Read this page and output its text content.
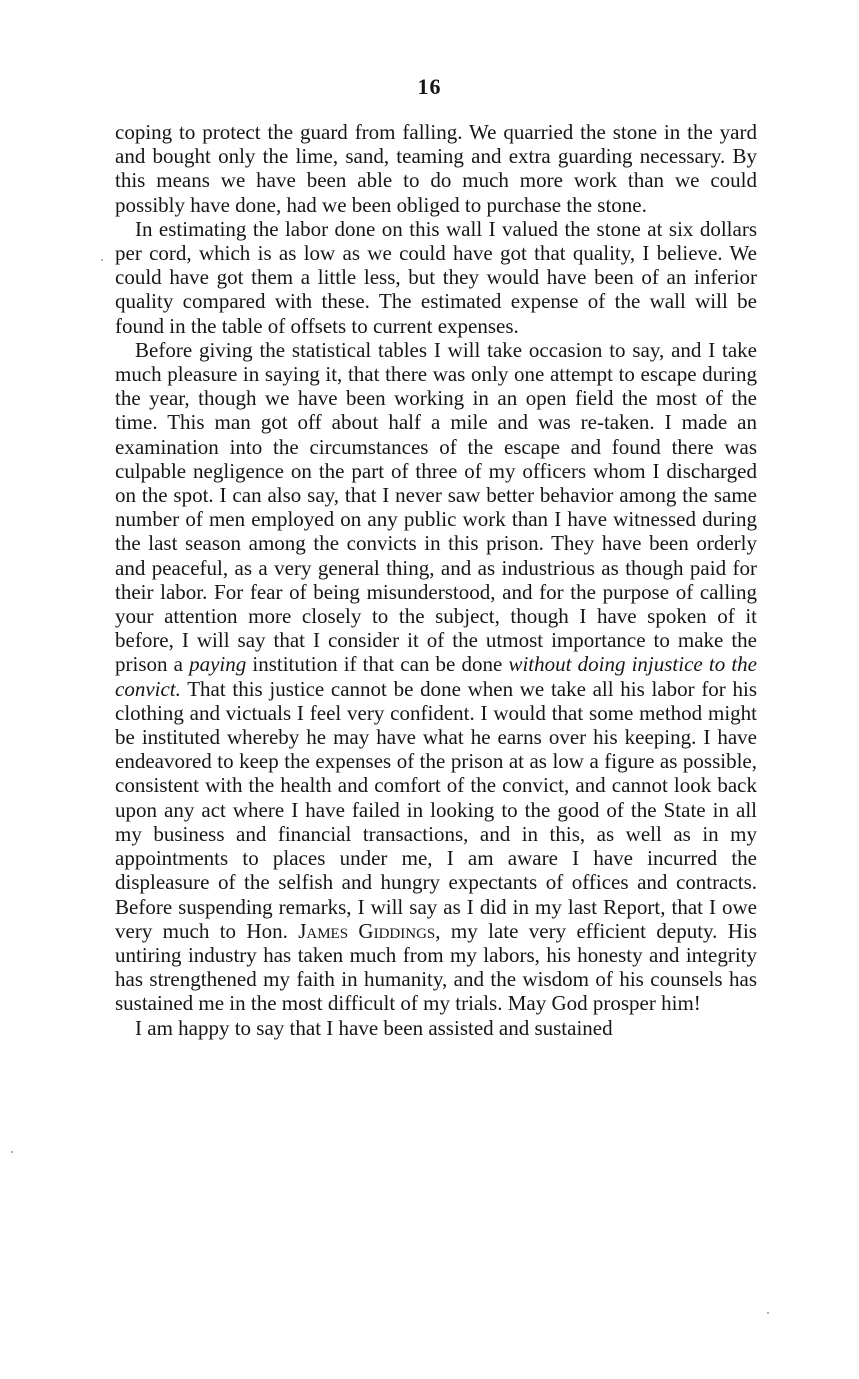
16

coping to protect the guard from falling. We quarried the stone in the yard and bought only the lime, sand, teaming and extra guarding necessary. By this means we have been able to do much more work than we could possibly have done, had we been obliged to purchase the stone.

In estimating the labor done on this wall I valued the stone at six dollars per cord, which is as low as we could have got that quality, I believe. We could have got them a little less, but they would have been of an inferior quality compared with these. The estimated expense of the wall will be found in the table of offsets to current expenses.

Before giving the statistical tables I will take occasion to say, and I take much pleasure in saying it, that there was only one attempt to escape during the year, though we have been working in an open field the most of the time. This man got off about half a mile and was re-taken. I made an examination into the circumstances of the escape and found there was culpable negligence on the part of three of my officers whom I discharged on the spot. I can also say, that I never saw better behavior among the same number of men employed on any public work than I have witnessed during the last season among the convicts in this prison. They have been orderly and peaceful, as a very general thing, and as industrious as though paid for their labor. For fear of being misunderstood, and for the purpose of calling your attention more closely to the subject, though I have spoken of it before, I will say that I consider it of the utmost importance to make the prison a paying institution if that can be done without doing injustice to the convict. That this justice cannot be done when we take all his labor for his clothing and victuals I feel very confident. I would that some method might be instituted whereby he may have what he earns over his keeping. I have endeavored to keep the expenses of the prison at as low a figure as possible, consistent with the health and comfort of the convict, and cannot look back upon any act where I have failed in looking to the good of the State in all my business and financial transactions, and in this, as well as in my appointments to places under me, I am aware I have incurred the displeasure of the selfish and hungry expectants of offices and contracts. Before suspending remarks, I will say as I did in my last Report, that I owe very much to Hon. James Giddings, my late very efficient deputy. His untiring industry has taken much from my labors, his honesty and integrity has strengthened my faith in humanity, and the wisdom of his counsels has sustained me in the most difficult of my trials. May God prosper him!

I am happy to say that I have been assisted and sustained
